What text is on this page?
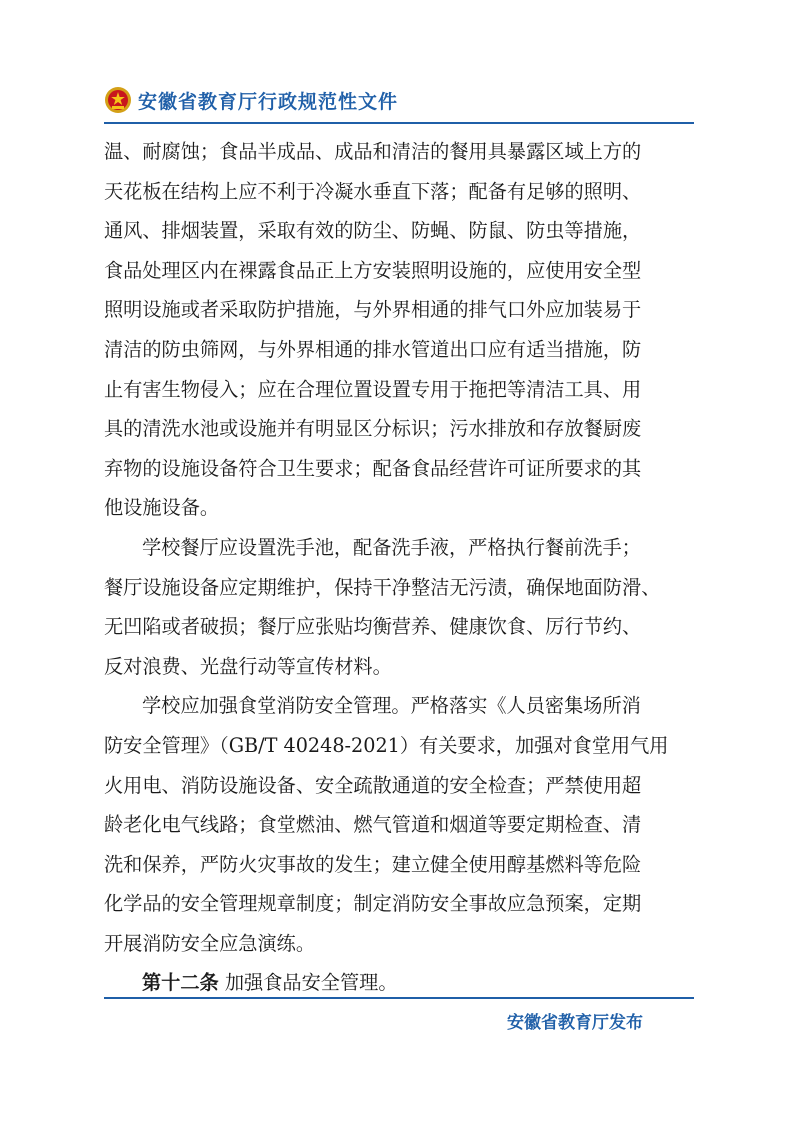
安徽省教育厅行政规范性文件
温、耐腐蚀；食品半成品、成品和清洁的餐用具暴露区域上方的
天花板在结构上应不利于冷凝水垂直下落；配备有足够的照明、
通风、排烟装置，采取有效的防尘、防蝇、防鼠、防虫等措施，
食品处理区内在裸露食品正上方安装照明设施的，应使用安全型
照明设施或者采取防护措施，与外界相通的排气口外应加装易于
清洁的防虫筛网，与外界相通的排水管道出口应有适当措施，防
止有害生物侵入；应在合理位置设置专用于拖把等清洁工具、用
具的清洗水池或设施并有明显区分标识；污水排放和存放餐厨废
弃物的设施设备符合卫生要求；配备食品经营许可证所要求的其
他设施设备。
学校餐厅应设置洗手池，配备洗手液，严格执行餐前洗手；
餐厅设施设备应定期维护，保持干净整洁无污渍，确保地面防滑、
无凹陷或者破损；餐厅应张贴均衡营养、健康饮食、厉行节约、
反对浪费、光盘行动等宣传材料。
学校应加强食堂消防安全管理。严格落实《人员密集场所消
防安全管理》（GB/T 40248-2021）有关要求，加强对食堂用气用
火用电、消防设施设备、安全疏散通道的安全检查；严禁使用超
龄老化电气线路；食堂燃油、燃气管道和烟道等要定期检查、清
洗和保养，严防火灾事故的发生；建立健全使用醇基燃料等危险
化学品的安全管理规章制度；制定消防安全事故应急预案，定期
开展消防安全应急演练。
第十二条 加强食品安全管理。
安徽省教育厅发布
